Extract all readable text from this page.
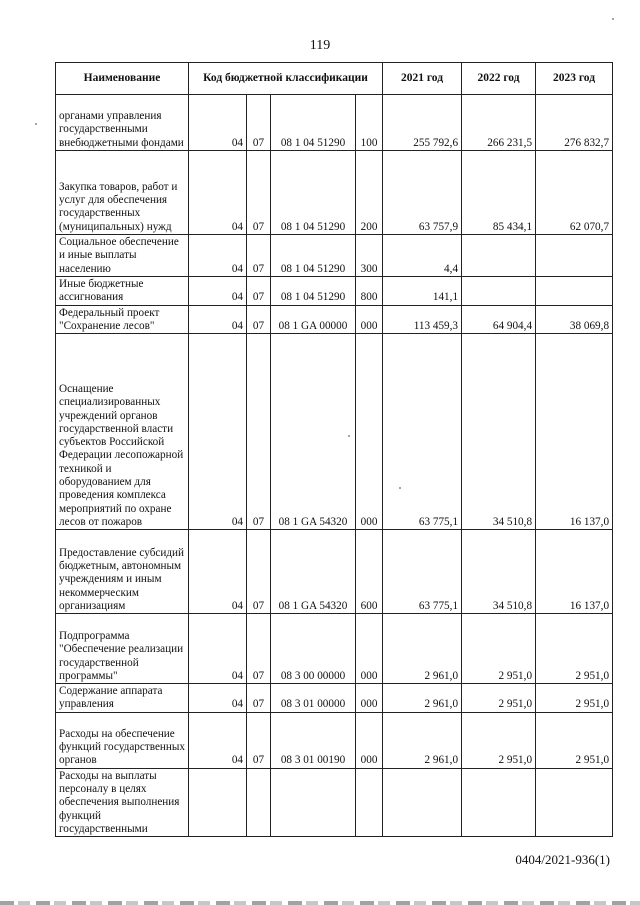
119
Наименование	Код бюджетной классификации				2021 год	2022 год	2023 год
органами управления государственными внебюджетными фондами	04	07	08 1 04 51290	100	255 792,6	266 231,5	276 832,7
Закупка товаров, работ и услуг для обеспечения государственных (муниципальных) нужд	04	07	08 1 04 51290	200	63 757,9	85 434,1	62 070,7
Социальное обеспечение и иные выплаты населению	04	07	08 1 04 51290	300	4,4		
Иные бюджетные ассигнования	04	07	08 1 04 51290	800	141,1		
Федеральный проект "Сохранение лесов"	04	07	08 1 GA 00000	000	113 459,3	64 904,4	38 069,8
Оснащение специализированных учреждений органов государственной власти субъектов Российской Федерации лесопожарной техникой и оборудованием для проведения комплекса мероприятий по охране лесов от пожаров	04	07	08 1 GA 54320	000	63 775,1	34 510,8	16 137,0
Предоставление субсидий бюджетным, автономным учреждениям и иным некоммерческим организациям	04	07	08 1 GA 54320	600	63 775,1	34 510,8	16 137,0
Подпрограмма "Обеспечение реализации государственной программы"	04	07	08 3 00 00000	000	2 961,0	2 951,0	2 951,0
Содержание аппарата управления	04	07	08 3 01 00000	000	2 961,0	2 951,0	2 951,0
Расходы на обеспечение функций государственных органов	04	07	08 3 01 00190	000	2 961,0	2 951,0	2 951,0
Расходы на выплаты персоналу в целях обеспечения выполнения функций государственными							
0404/2021-936(1)
